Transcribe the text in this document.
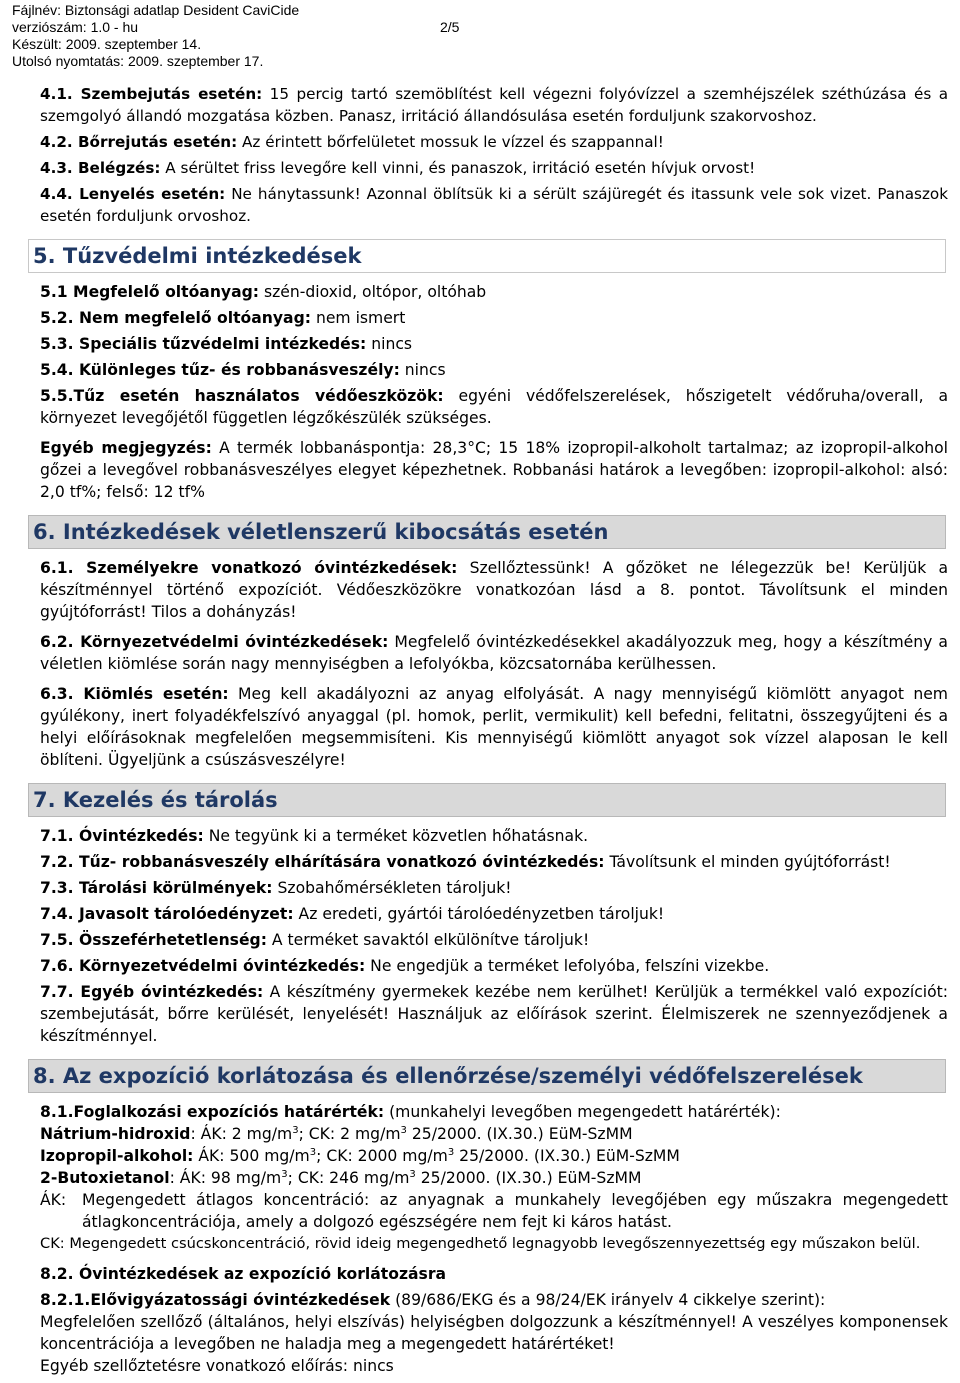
Fájlnév: Biztonsági adatlap Desident CaviCide
verziószám: 1.0 - hu	2/5
Készült: 2009. szeptember 14.
Utolsó nyomtatás: 2009. szeptember 17.

4.1. Szembejutás esetén: 15 percig tartó szemöblítést kell végezni folyóvízzel a szemhéjszélek széthúzása és a szemgolyó állandó mozgatása közben. Panasz, irritáció állandósulása esetén forduljunk szakorvoshoz.

4.2. Bőrrejutás esetén: Az érintett bőrfelületet mossuk le vízzel és szappannal!

4.3. Belégzés: A sérültet friss levegőre kell vinni, és panaszok, irritáció esetén hívjuk orvost!

4.4. Lenyelés esetén: Ne hánytassunk! Azonnal öblítsük ki a sérült szájüregét és itassunk vele sok vizet. Panaszok esetén forduljunk orvoshoz.

5. Tűzvédelmi intézkedések

5.1 Megfelelő oltóanyag: szén-dioxid, oltópor, oltóhab

5.2. Nem megfelelő oltóanyag: nem ismert

5.3. Speciális tűzvédelmi intézkedés: nincs

5.4. Különleges tűz- és robbanásveszély: nincs

5.5.Tűz esetén használatos védőeszközök: egyéni védőfelszerelések, hőszigetelt védőruha/overall, a környezet levegőjétől független légzőkészülék szükséges.

Egyéb megjegyzés: A termék lobbanáspontja: 28,3°C; 15 18% izopropil-alkoholt tartalmaz; az izopropil-alkohol gőzei a levegővel robbanásveszélyes elegyet képezhetnek. Robbanási határok a levegőben: izopropil-alkohol: alsó: 2,0 tf%; felső: 12 tf%

6. Intézkedések véletlenszerű kibocsátás esetén

6.1. Személyekre vonatkozó óvintézkedések: Szellőztessünk! A gőzöket ne lélegezzük be! Kerüljük a készítménnyel történő expozíciót. Védőeszközökre vonatkozóan lásd a 8. pontot. Távolítsunk el minden gyújtóforrást! Tilos a dohányzás!

6.2. Környezetvédelmi óvintézkedések: Megfelelő óvintézkedésekkel akadályozzuk meg, hogy a készítmény a véletlen kiömlése során nagy mennyiségben a lefolyókba, közcsatornába kerülhessen.

6.3. Kiömlés esetén: Meg kell akadályozni az anyag elfolyását. A nagy mennyiségű kiömlött anyagot nem gyúlékony, inert folyadékfelszívó anyaggal (pl. homok, perlit, vermikulit) kell befedni, felitatni, összegyűjteni és a helyi előírásoknak megfelelően megsemmisíteni. Kis mennyiségű kiömlött anyagot sok vízzel alaposan le kell öblíteni. Ügyeljünk a csúszásveszélyre!

7. Kezelés és tárolás

7.1. Óvintézkedés: Ne tegyünk ki a terméket közvetlen hőhatásnak.

7.2. Tűz- robbanásveszély elhárítására vonatkozó óvintézkedés: Távolítsunk el minden gyújtóforrást!

7.3. Tárolási körülmények: Szobahőmérsékleten tároljuk!

7.4. Javasolt tárolóedényzet: Az eredeti, gyártói tárolóedényzetben tároljuk!

7.5. Összeférhetetlenség: A terméket savaktól elkülönítve tároljuk!

7.6. Környezetvédelmi óvintézkedés: Ne engedjük a terméket lefolyóba, felszíni vizekbe.

7.7. Egyéb óvintézkedés: A készítmény gyermekek kezébe nem kerülhet! Kerüljük a termékkel való expozíciót: szembejutását, bőrre kerülését, lenyelését! Használjuk az előírások szerint. Élelmiszerek ne szennyeződjenek a készítménnyel.

8. Az expozíció korlátozása és ellenőrzése/személyi védőfelszerelések

8.1.Foglalkozási expozíciós határérték: (munkahelyi levegőben megengedett határérték):

Nátrium-hidroxid: ÁK: 2 $mg/m^3$; CK: 2 $mg/m^3$ 25/2000. (IX.30.) EüM-SzMM

Izopropil-alkohol: ÁK: 500 $mg/m^3$; CK: 2000 $mg/m^3$ 25/2000. (IX.30.) EüM-SzMM

2-Butoxietanol: ÁK: 98 $mg/m^3$; CK: 246 $mg/m^3$ 25/2000. (IX.30.) EüM-SzMM

ÁK: Megengedett átlagos koncentráció: az anyagnak a munkahely levegőjében egy műszakra megengedett átlagkoncentrációja, amely a dolgozó egészségére nem fejt ki káros hatást.

CK: Megengedett csúcskoncentráció, rövid ideig megengedhető legnagyobb levegőszennyezettség egy műszakon belül.

8.2. Óvintézkedések az expozíció korlátozásra

8.2.1.Elővigyázatossági óvintézkedések (89/686/EKG és a 98/24/EK irányelv 4 cikkelye szerint):

Megfelelően szellőző (általános, helyi elszívás) helyiségben dolgozzunk a készítménnyel! A veszélyes komponensek koncentrációja a levegőben ne haladja meg a megengedett határértéket!

Egyéb szellőztetésre vonatkozó előírás: nincs
